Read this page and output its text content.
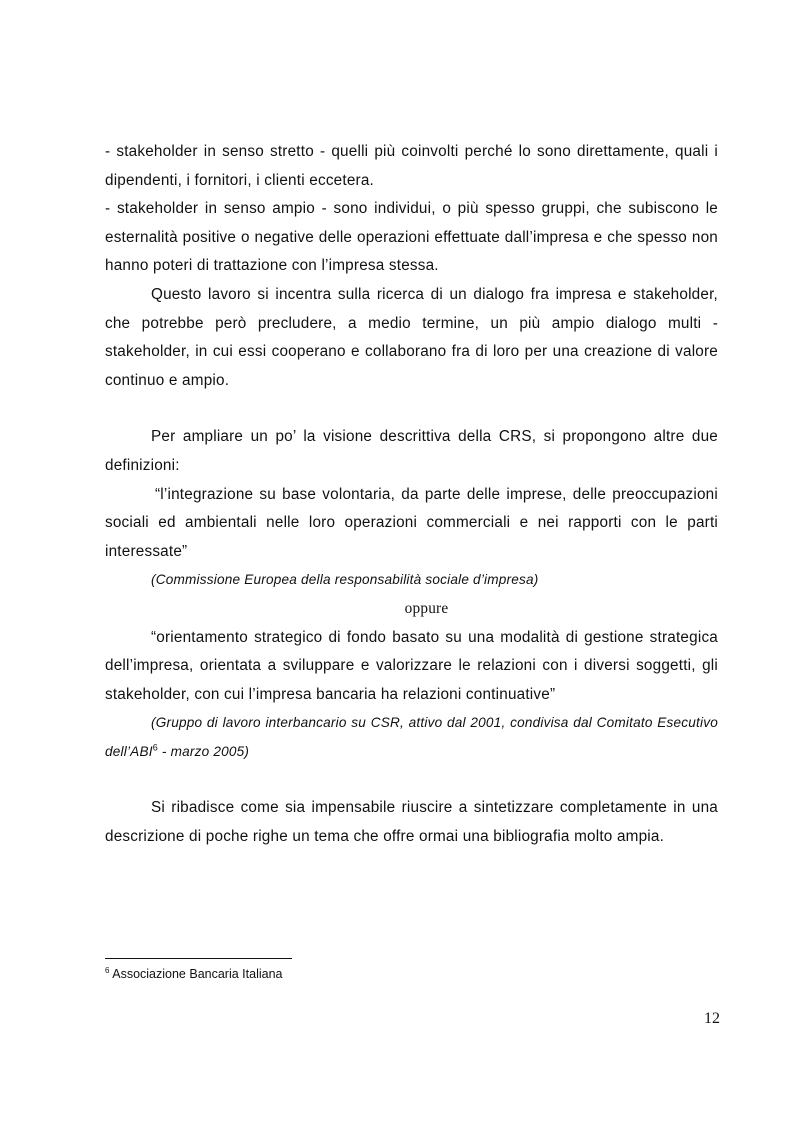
- stakeholder in senso stretto - quelli più coinvolti perché lo sono direttamente, quali i dipendenti, i fornitori, i clienti eccetera.

- stakeholder in senso ampio - sono individui, o più spesso gruppi, che subiscono le esternalità positive o negative delle operazioni effettuate dall’impresa e che spesso non hanno poteri di trattazione con l’impresa stessa.

Questo lavoro si incentra sulla ricerca di un dialogo fra impresa e stakeholder, che potrebbe però precludere, a medio termine, un più ampio dialogo multi - stakeholder, in cui essi cooperano e collaborano fra di loro per una creazione di valore continuo e ampio.

Per ampliare un po’ la visione descrittiva della CRS, si propongono altre due definizioni:

“l’integrazione su base volontaria, da parte delle imprese, delle preoccupazioni sociali ed ambientali nelle loro operazioni commerciali e nei rapporti con le parti interessate”

(Commissione Europea della responsabilità sociale d’impresa)

oppure

“orientamento strategico di fondo basato su una modalità di gestione strategica dell’impresa, orientata a sviluppare e valorizzare le relazioni con i diversi soggetti, gli stakeholder, con cui l’impresa bancaria ha relazioni continuative”

(Gruppo di lavoro interbancario su CSR, attivo dal 2001, condivisa dal Comitato Esecutivo dell’ABI$^6$ - marzo 2005)

Si ribadisce come sia impensabile riuscire a sintetizzare completamente in una descrizione di poche righe un tema che offre ormai una bibliografia molto ampia.

$^6$ Associazione Bancaria Italiana
12
